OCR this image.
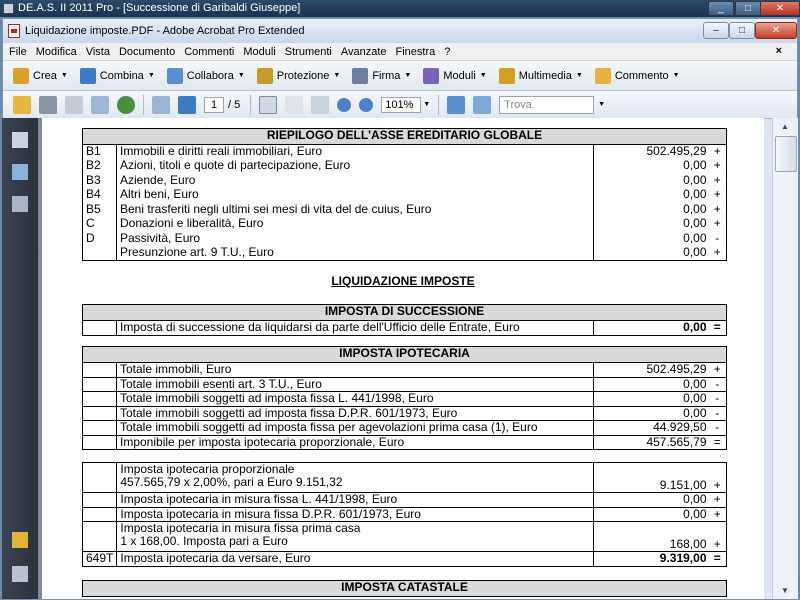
DE.A.S. II 2011 Pro - [Successione di Garibaldi Giuseppe]	_	□	✕
Liquidazione imposte.PDF - Adobe Acrobat Pro Extended	–	□	✕
File Modifica Vista Documento Commenti Moduli Strumenti Avanzate Finestra ?	×
Crea ▼	Combina ▼	Collabora ▼	Protezione ▼	Firma ▼	Moduli ▼	Multimedia ▼	Commento ▼
1 / 5	101%	▼	Trova	▼
RIEPILOGO DELL'ASSE EREDITARIO GLOBALE			
B1	Immobili e diritti reali immobiliari, Euro	502.495,29	+
B2	Azioni, titoli e quote di partecipazione, Euro	0,00	+
B3	Aziende, Euro	0,00	+
B4	Altri beni, Euro	0,00	+
B5	Beni trasferiti negli ultimi sei mesi di vita del de cuius, Euro	0,00	+
C	Donazioni e liberalità, Euro	0,00	+
D	Passività, Euro	0,00	-
	Presunzione art. 9 T.U., Euro	0,00	+
LIQUIDAZIONE IMPOSTE
IMPOSTA DI SUCCESSIONE
	Imposta di successione da liquidarsi da parte dell'Ufficio delle Entrate, Euro	0,00	=
IMPOSTA IPOTECARIA			
	Totale immobili, Euro	502.495,29	+
	Totale immobili esenti art. 3 T.U., Euro	0,00	-
	Totale immobili soggetti ad imposta fissa L. 441/1998, Euro	0,00	-
	Totale immobili soggetti ad imposta fissa D.P.R. 601/1973, Euro	0,00	-
	Totale immobili soggetti ad imposta fissa per agevolazioni prima casa (1), Euro	44.929,50	-
	Imponibile per imposta ipotecaria proporzionale, Euro	457.565,79	=

	Imposta ipotecaria proporzionale
457.565,79 x 2,00%, pari a Euro 9.151,32	9.151,00	+
	Imposta ipotecaria in misura fissa L. 441/1998, Euro	0,00	+
	Imposta ipotecaria in misura fissa D.P.R. 601/1973, Euro	0,00	+

	Imposta ipotecaria in misura fissa prima casa
1 x 168,00. Imposta pari a Euro	168,00	+
649T	Imposta ipotecaria da versare, Euro	9.319,00	=
IMPOSTA CATASTALE
▲
▼
